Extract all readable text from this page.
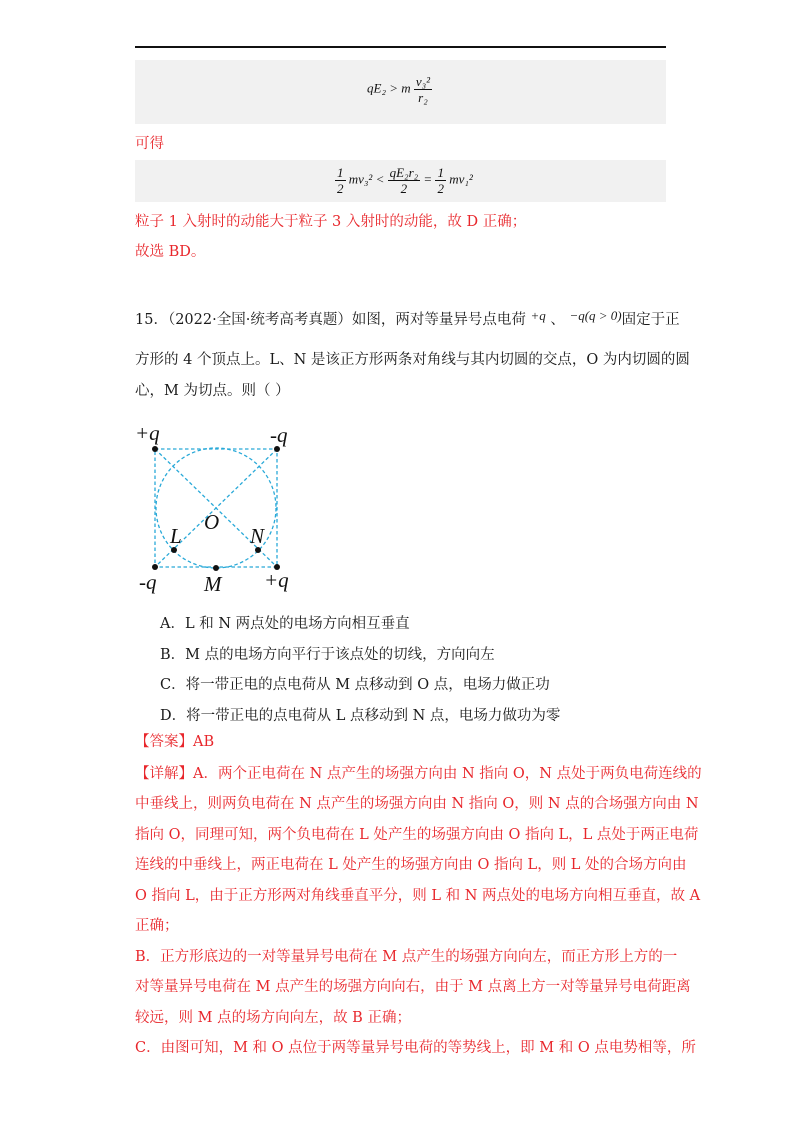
qE₂ > m $\frac{\text{v₃²}}{\text{r₂}}$
可得
$\frac{1}{2} mv_3^2 < \frac{\text{qE₂r₂}}{2} = \frac{1}{2} mv_1^2$
粒子 1 入射时的动能大于粒子 3 入射时的动能，故 D 正确；
故选 BD。
15．（2022·全国·统考高考真题）如图，两对等量异号点电荷 +q 、 −q(q > 0)固定于正
方形的 4 个顶点上。L、N 是该正方形两条对角线与其内切圆的交点，O 为内切圆的圆
心，M 为切点。则（ ）
+q	-q
-q	+q
O
L	N
M
A．L 和 N 两点处的电场方向相互垂直
B．M 点的电场方向平行于该点处的切线，方向向左
C．将一带正电的点电荷从 M 点移动到 O 点，电场力做正功
D．将一带正电的点电荷从 L 点移动到 N 点，电场力做功为零
【答案】AB
【详解】A．两个正电荷在 N 点产生的场强方向由 N 指向 O，N 点处于两负电荷连线的
中垂线上，则两负电荷在 N 点产生的场强方向由 N 指向 O，则 N 点的合场强方向由 N
指向 O，同理可知，两个负电荷在 L 处产生的场强方向由 O 指向 L，L 点处于两正电荷
连线的中垂线上，两正电荷在 L 处产生的场强方向由 O 指向 L，则 L 处的合场方向由
O 指向 L，由于正方形两对角线垂直平分，则 L 和 N 两点处的电场方向相互垂直，故 A
正确；
B．正方形底边的一对等量异号电荷在 M 点产生的场强方向向左，而正方形上方的一
对等量异号电荷在 M 点产生的场强方向向右，由于 M 点离上方一对等量异号电荷距离
较远，则 M 点的场方向向左，故 B 正确；
C．由图可知，M 和 O 点位于两等量异号电荷的等势线上，即 M 和 O 点电势相等，所
